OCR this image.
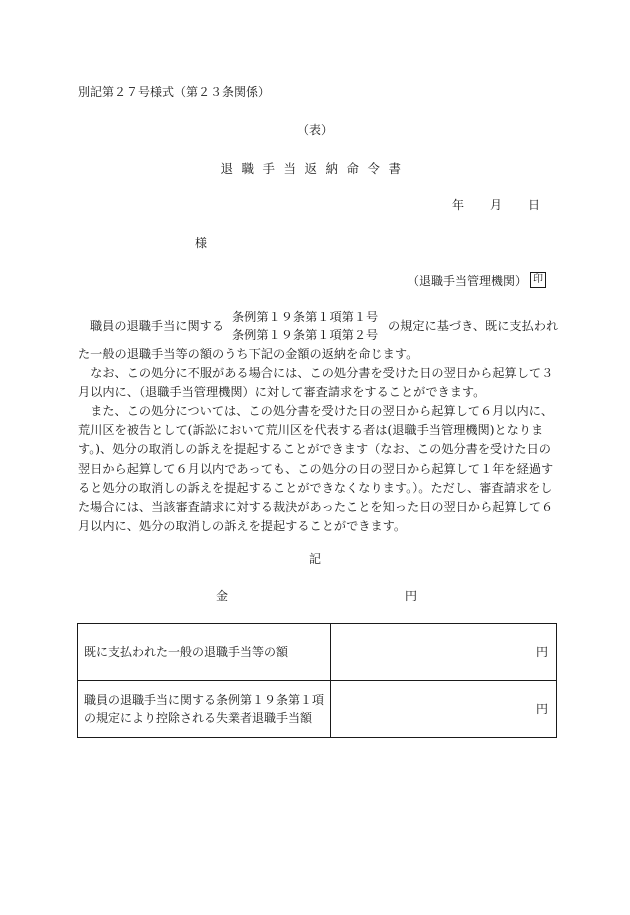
別記第２７号様式（第２３条関係）
（表）
退職手当返納命令書
年 月 日
様
（退職手当管理機関） 印
職員の退職手当に関する
条例第１９条第１項第１号
条例第１９条第１項第２号
の規定に基づき、既に支払われ

た一般の退職手当等の額のうち下記の金額の返納を命じます。

　なお、この処分に不服がある場合には、この処分書を受けた日の翌日から起算して３月以内に、（退職手当管理機関）に対して審査請求をすることができます。

　また、この処分については、この処分書を受けた日の翌日から起算して６月以内に、荒川区を被告として(訴訟において荒川区を代表する者は(退職手当管理機関)となります。)、処分の取消しの訴えを提起することができます（なお、この処分書を受けた日の翌日から起算して６月以内であっても、この処分の日の翌日から起算して１年を経過すると処分の取消しの訴えを提起することができなくなります。）。ただし、審査請求をした場合には、当該審査請求に対する裁決があったことを知った日の翌日から起算して６月以内に、処分の取消しの訴えを提起することができます。

記
金	円
既に支払われた一般の退職手当等の額	円
職員の退職手当に関する条例第１９条第１項の規定により控除される失業者退職手当額	円
